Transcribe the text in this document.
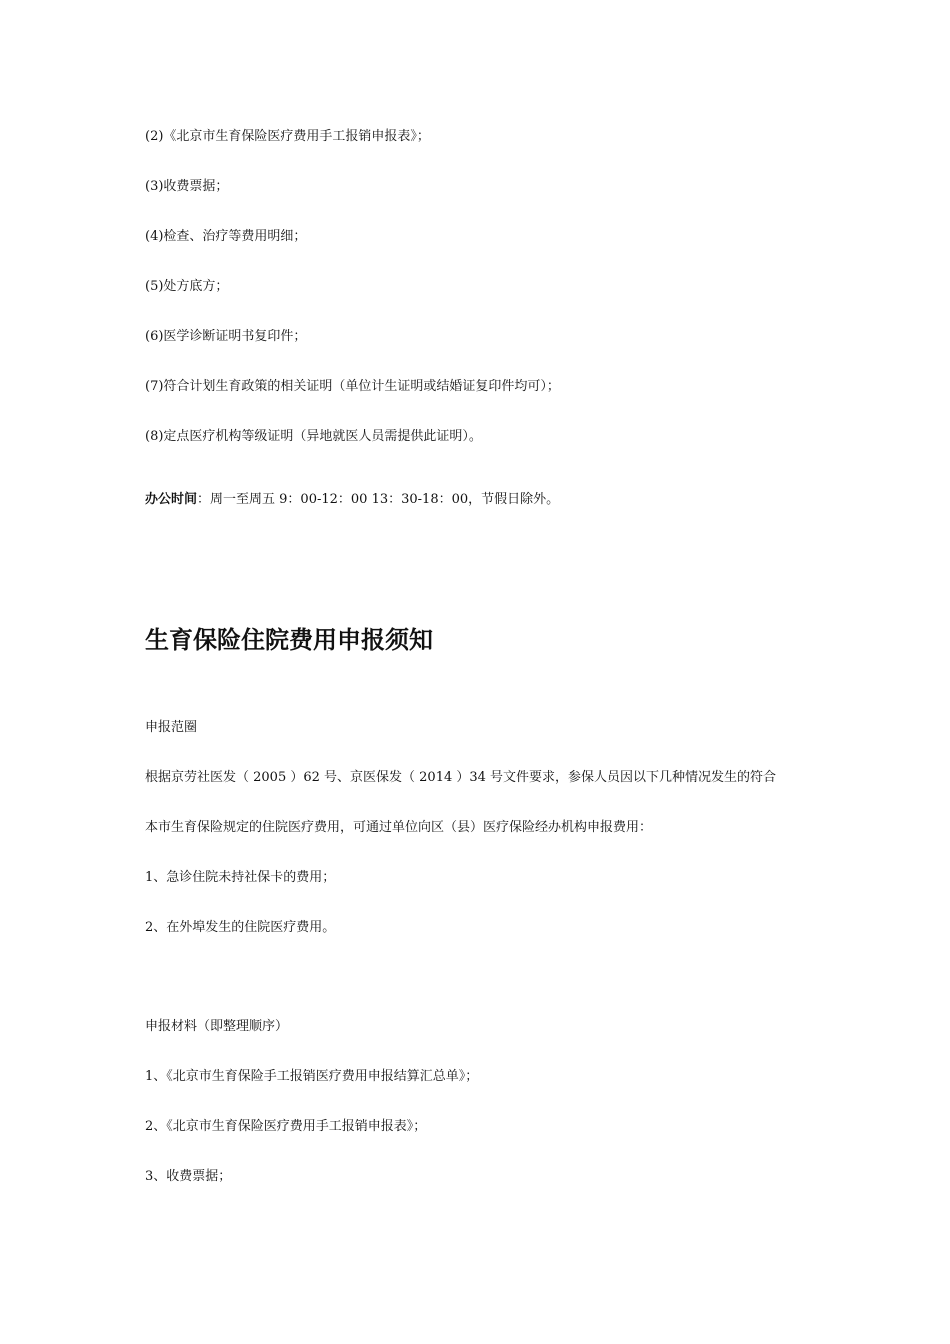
(2)《北京市生育保险医疗费用手工报销申报表》；

(3)收费票据；

(4)检查、治疗等费用明细；

(5)处方底方；

(6)医学诊断证明书复印件；

(7)符合计划生育政策的相关证明（单位计生证明或结婚证复印件均可）；

(8)定点医疗机构等级证明（异地就医人员需提供此证明）。

办公时间：周一至周五 9：00-12：00 13：30-18：00，节假日除外。

生育保险住院费用申报须知

申报范圈

根据京劳社医发（ 2005 ）62 号、京医保发（ 2014 ）34 号文件要求，参保人员因以下几种情况发生的符合

本市生育保险规定的住院医疗费用，可通过单位向区（县）医疗保险经办机构申报费用：

1、急诊住院未持社保卡的费用；

2、在外埠发生的住院医疗费用。

申报材料（即整理顺序）

1、《北京市生育保险手工报销医疗费用申报结算汇总单》；

2、《北京市生育保险医疗费用手工报销申报表》；

3、收费票据；
